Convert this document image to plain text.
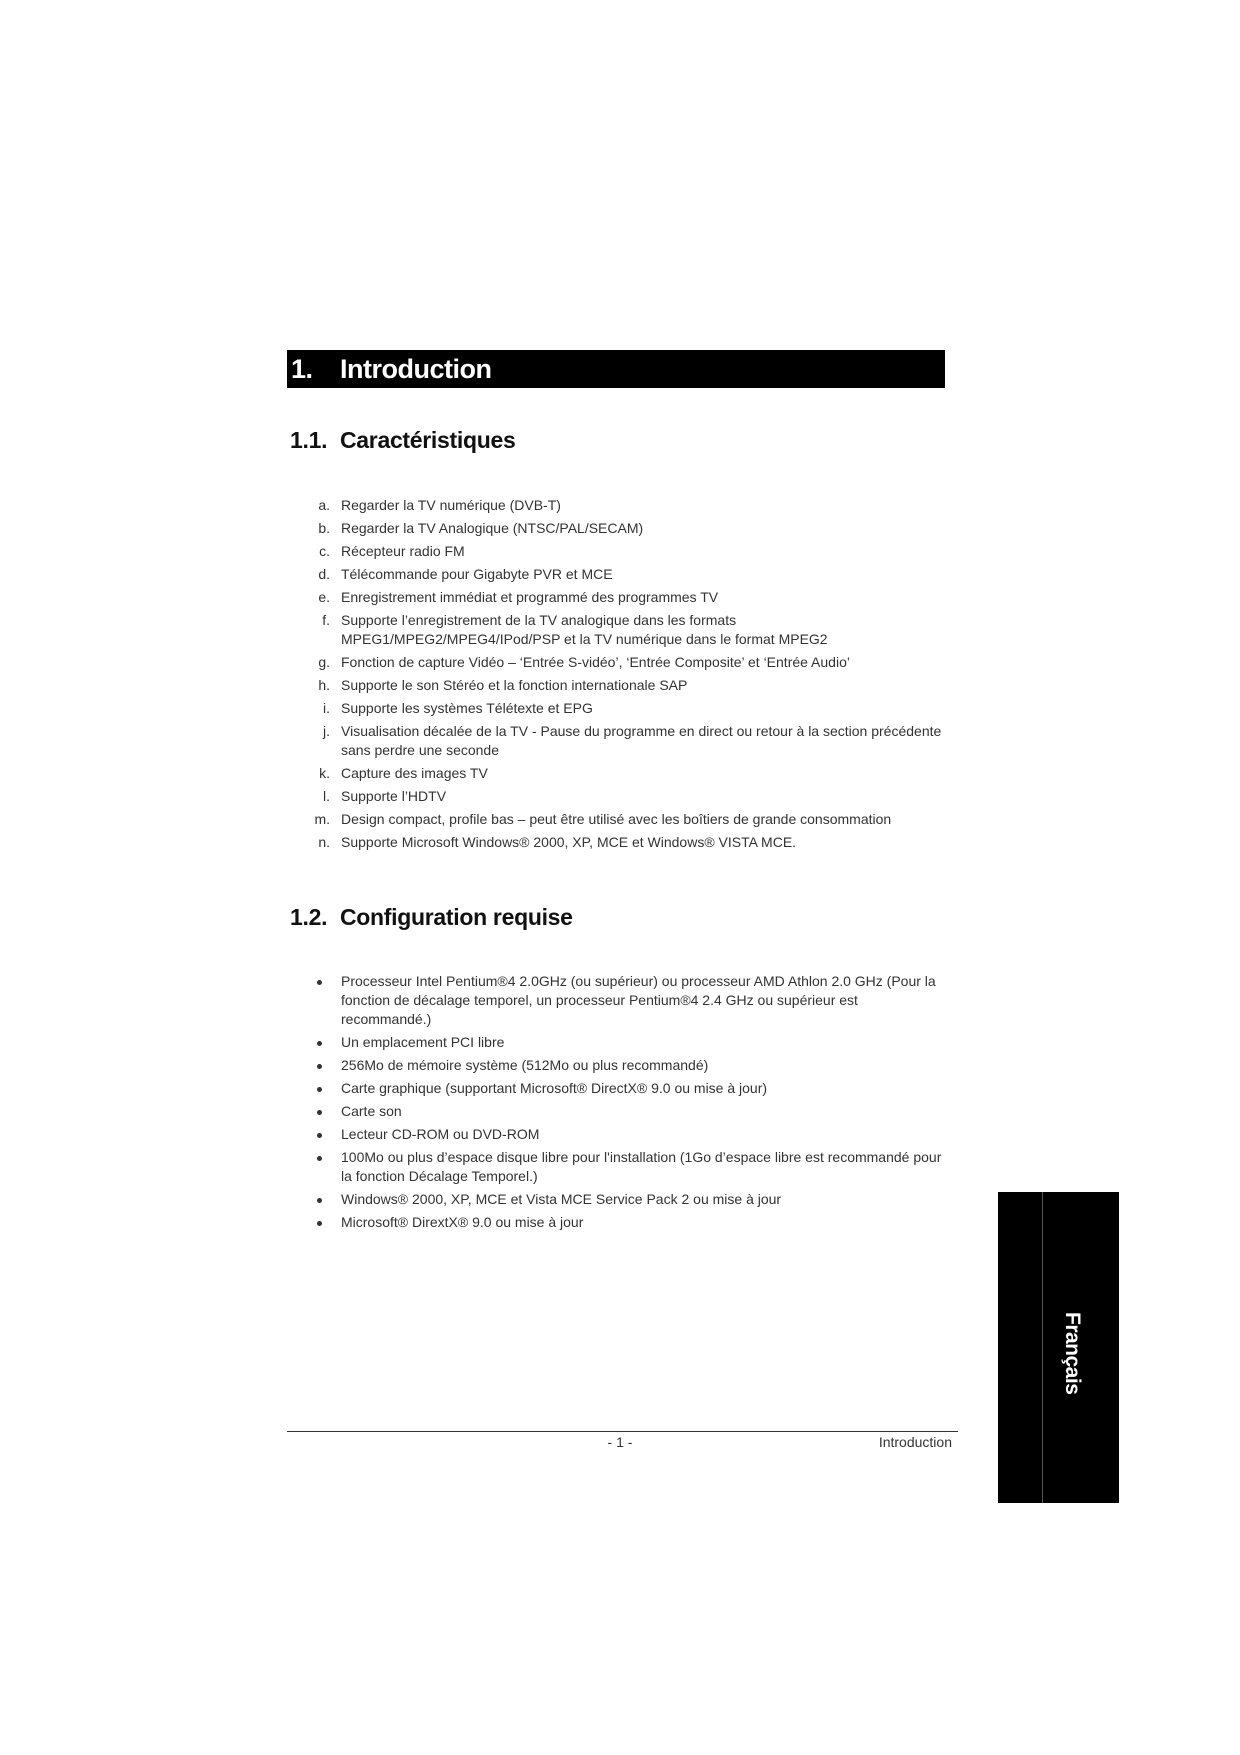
1. Introduction
1.1. Caractéristiques
a. Regarder la TV numérique (DVB-T)
b. Regarder la TV Analogique (NTSC/PAL/SECAM)
c. Récepteur radio FM
d. Télécommande pour Gigabyte PVR et MCE
e. Enregistrement immédiat et programmé des programmes TV
f. Supporte l’enregistrement de la TV analogique dans les formats MPEG1/MPEG2/MPEG4/IPod/PSP et la TV numérique dans le format MPEG2
g. Fonction de capture Vidéo – ‘Entrée S-vidéo’, ‘Entrée Composite’ et ‘Entrée Audio’
h. Supporte le son Stéréo et la fonction internationale SAP
i. Supporte les systèmes Télétexte et EPG
j. Visualisation décalée de la TV - Pause du programme en direct ou retour à la section précédente sans perdre une seconde
k. Capture des images TV
l. Supporte l’HDTV
m. Design compact, profile bas – peut être utilisé avec les boîtiers de grande consommation
n. Supporte Microsoft Windows® 2000, XP, MCE et Windows® VISTA MCE.
1.2. Configuration requise
Processeur Intel Pentium®4 2.0GHz (ou supérieur) ou processeur AMD Athlon 2.0 GHz (Pour la fonction de décalage temporel, un processeur Pentium®4 2.4 GHz ou supérieur est recommandé.)
Un emplacement PCI libre
256Mo de mémoire système (512Mo ou plus recommandé)
Carte graphique (supportant Microsoft® DirectX® 9.0 ou mise à jour)
Carte son
Lecteur CD-ROM ou DVD-ROM
100Mo ou plus d’espace disque libre pour l'installation (1Go d’espace libre est recommandé pour la fonction Décalage Temporel.)
Windows® 2000, XP, MCE et Vista MCE Service Pack 2 ou mise à jour
Microsoft® DirextX® 9.0 ou mise à jour
- 1 -	Introduction
Français
